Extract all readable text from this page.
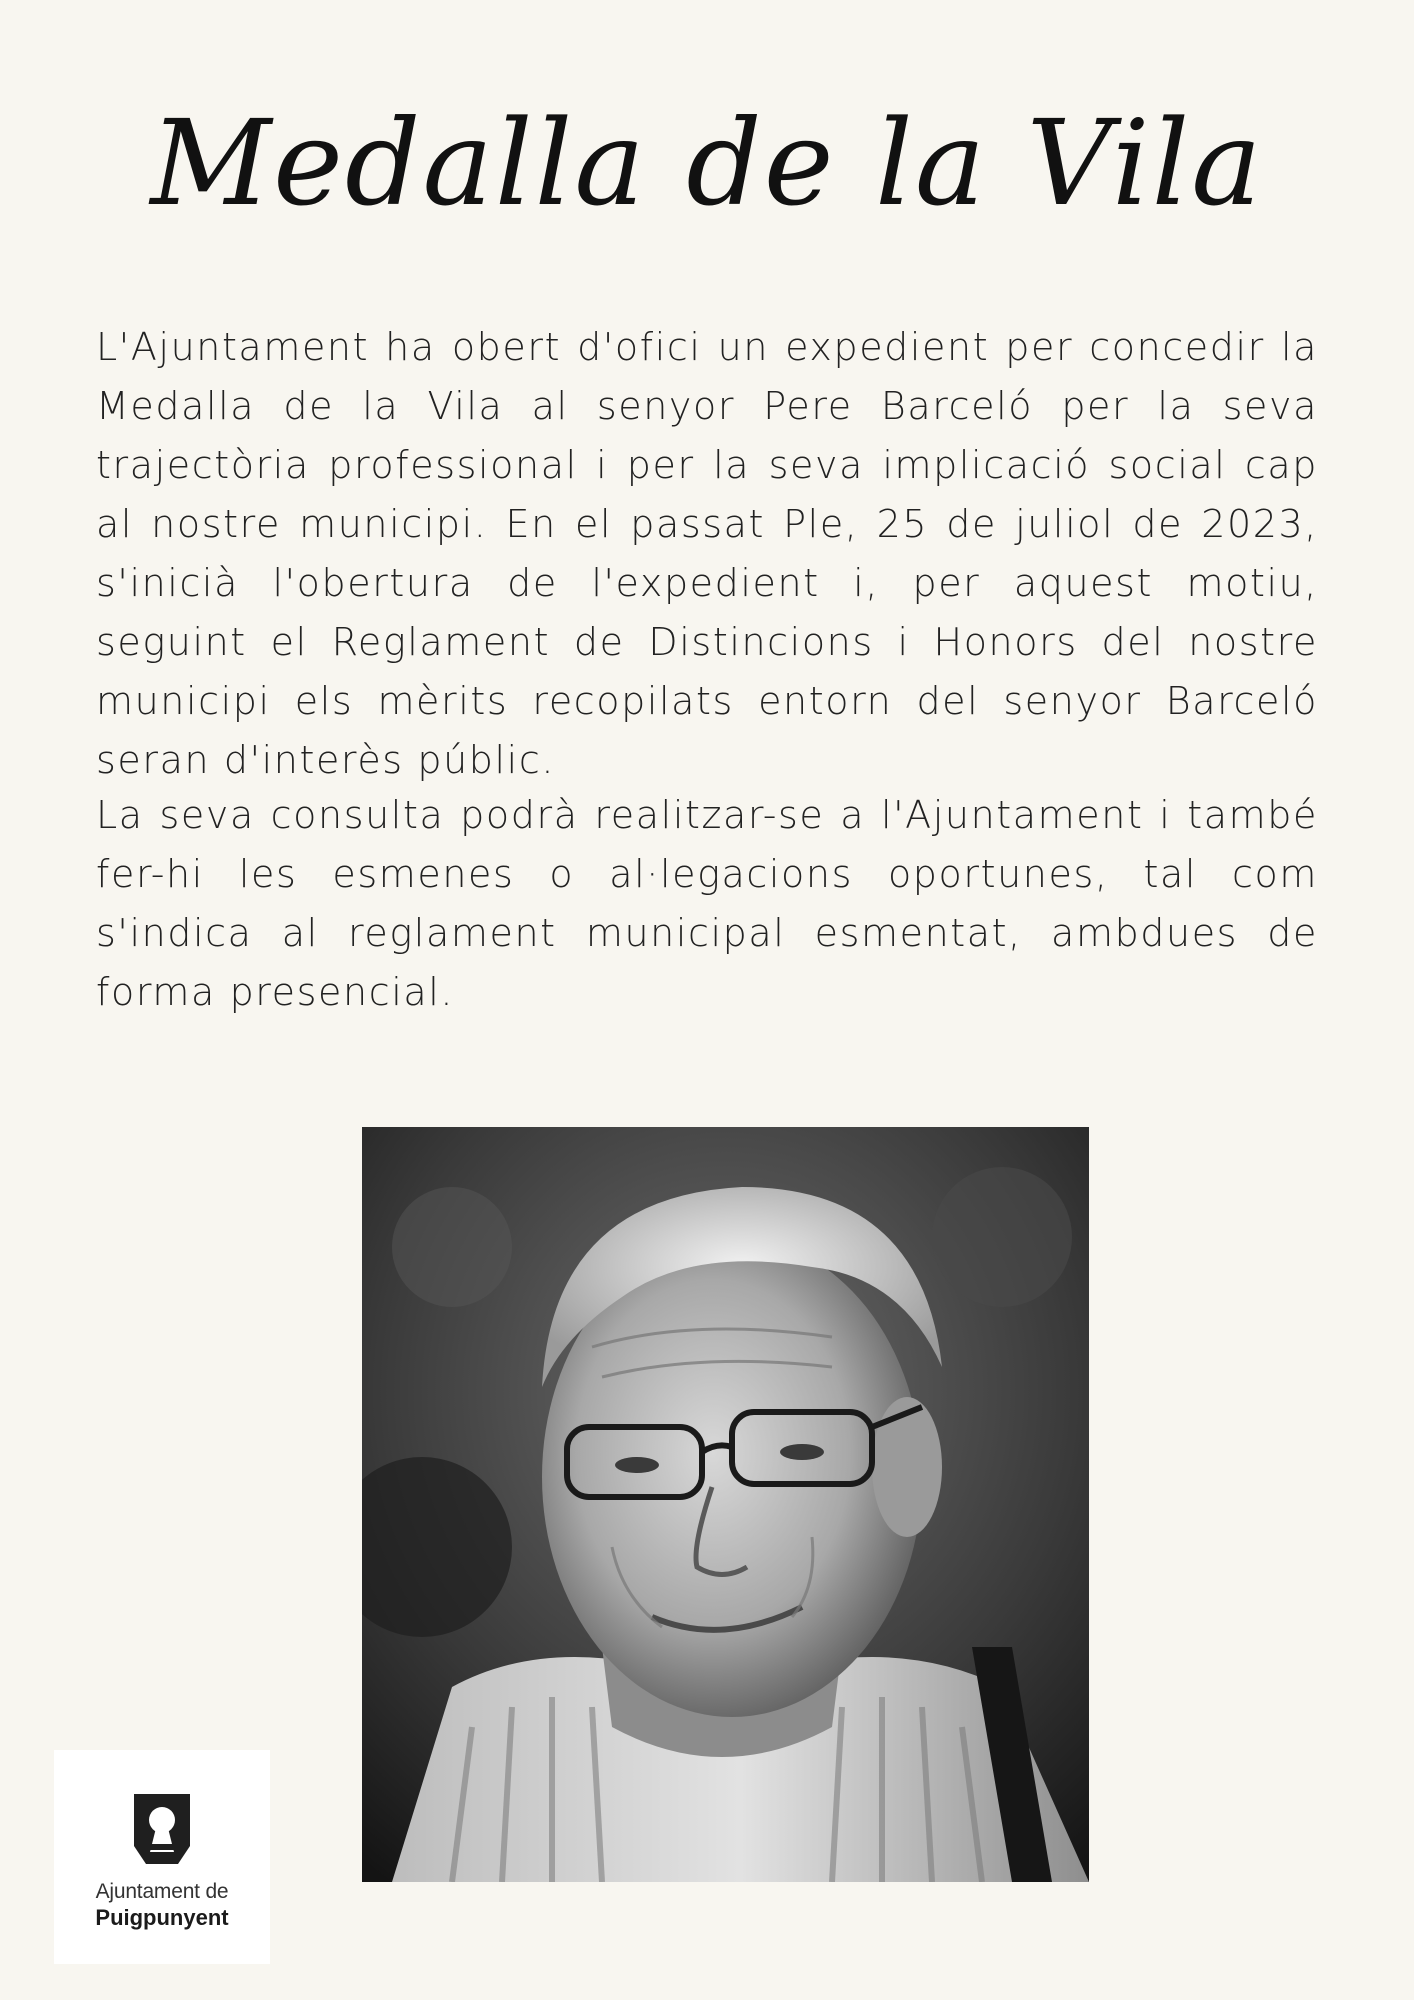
Medalla de la Vila

L'Ajuntament ha obert d'ofici un expedient per concedir la Medalla de la Vila al senyor Pere Barceló per la seva trajectòria professional i per la seva implicació social cap al nostre municipi. En el passat Ple, 25 de juliol de 2023, s'inicià l'obertura de l'expedient i, per aquest motiu, seguint el Reglament de Distincions i Honors del nostre municipi els mèrits recopilats entorn del senyor Barceló seran d'interès públic.

La seva consulta podrà realitzar-se a l'Ajuntament i també fer-hi les esmenes o al·legacions oportunes, tal com s'indica al reglament municipal esmentat, ambdues de forma presencial.

Ajuntament de
Puigpunyent
